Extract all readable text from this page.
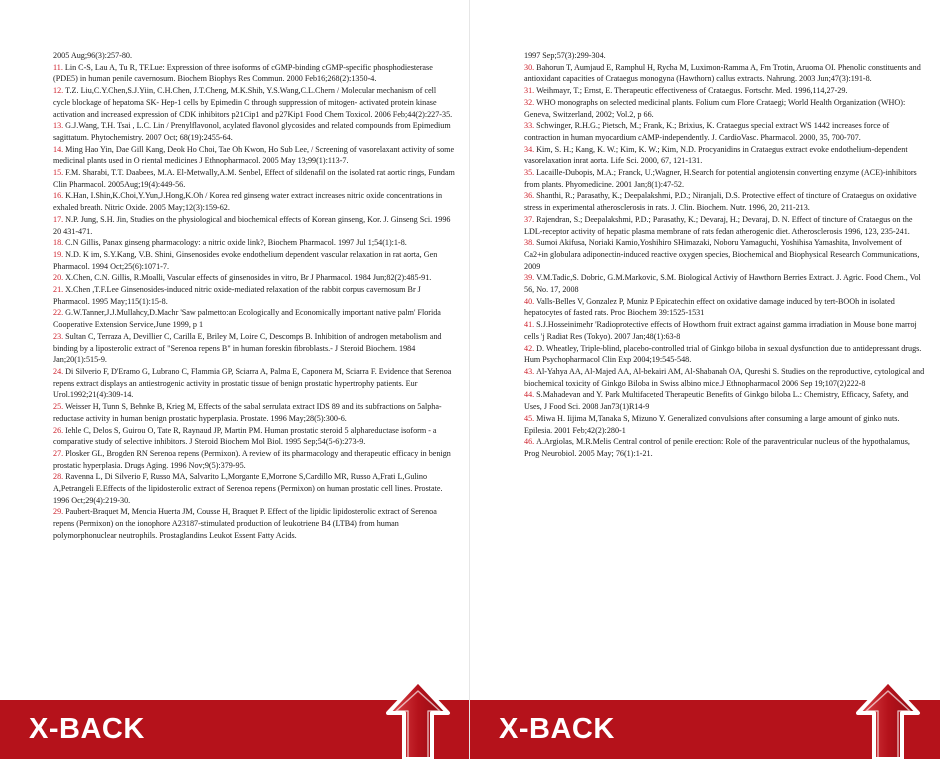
2005 Aug;96(3):257-80.

11. Lin C-S, Lau A, Tu R, TF.Lue: Expression of three isoforms of cGMP-binding cGMP-specific phosphodiesterase (PDE5) in human penile cavernosum. Biochem Biophys Res Commun. 2000 Feb16;268(2):1350-4.

12. T.Z. Liu,C.Y.Chen,S.J.Yiin, C.H.Chen, J.T.Cheng, M.K.Shih, Y.S.Wang,C.L.Chern / Molecular mechanism of cell cycle blockage of hepatoma SK- Hep-1 cells by Epimedin C through suppression of mitogen- activated protein kinase activation and increased expression of CDK inhibitors p21Cip1 and p27Kip1 Food Chem Toxicol. 2006 Feb;44(2):227-35.

13. G.J.Wang, T.H. Tsai , L.C. Lin / Prenylflavonol, acylated flavonol glycosides and related compounds from Epimedium sagittatum. Phytochemistry. 2007 Oct; 68(19):2455-64.

14. Ming Hao Yin, Dae Gill Kang, Deok Ho Choi, Tae Oh Kwon, Ho Sub Lee, / Screening of vasorelaxant activity of some medicinal plants used in O riental medicines J Ethnopharmacol. 2005 May 13;99(1):113-7.

15. F.M. Sharabi, T.T. Daabees, M.A. El-Metwally,A.M. Senbel, Effect of sildenafil on the isolated rat aortic rings, Fundam Clin Pharmacol. 2005Aug;19(4):449-56.

16. K.Han, I.Shin,K.Choi,Y.Yun,J.Hong,K.Oh / Korea red ginseng water extract increases nitric oxide concentrations in exhaled breath. Nitric Oxide. 2005 May;12(3):159-62.

17. N.P. Jung, S.H. Jin, Studies on the physiological and biochemical effects of Korean ginseng, Kor. J. Ginseng Sci. 1996 20 431-471.

18. C.N Gillis, Panax ginseng pharmacology: a nitric oxide link?, Biochem Pharmacol. 1997 Jul 1;54(1):1-8.

19. N.D. K im, S.Y.Kang, V.B. Shini, Ginsenosides evoke endothelium dependent vascular relaxation in rat aorta, Gen Pharmacol. 1994 Oct;25(6):1071-7.

20. X.Chen, C.N. Gillis, R.Moalli, Vascular effects of ginsenosides in vitro, Br J Pharmacol. 1984 Jun;82(2):485-91.

21. X.Chen ,T.F.Lee Ginsenosides-induced nitric oxide-mediated relaxation of the rabbit corpus cavernosum Br J Pharmacol. 1995 May;115(1):15-8.

22. G.W.Tanner,J.J.Mullahcy,D.Machr 'Saw palmetto:an Ecologically and Economically important native palm' Florida Cooperative Extension Service,June 1999, p 1

23. Sultan C, Terraza A, Devillier C, Carilla E, Briley M, Loire C, Descomps B. Inhibition of androgen metabolism and binding by a liposterolic extract of "Serenoa repens B" in human foreskin fibroblasts.- J Steroid Biochem. 1984 Jan;20(1):515-9.

24. Di Silverio F, D'Eramo G, Lubrano C, Flammia GP, Sciarra A, Palma E, Caponera M, Sciarra F. Evidence that Serenoa repens extract displays an antiestrogenic activity in prostatic tissue of benign prostatic hypertrophy patients. Eur Urol.1992;21(4):309-14.

25. Weisser H, Tunn S, Behnke B, Krieg M, Effects of the sabal serrulata extract IDS 89 and its subfractions on 5alpha-reductase activity in human benign prostatic hyperplasia. Prostate. 1996 May;28(5):300-6.

26. Iehle C, Delos S, Guirou O, Tate R, Raynaud JP, Martin PM. Human prostatic steroid 5 alphareductase isoform - a comparative study of selective inhibitors. J Steroid Biochem Mol Biol. 1995 Sep;54(5-6):273-9.

27. Plosker GL, Brogden RN Serenoa repens (Permixon). A review of its pharmacology and therapeutic efficacy in benign prostatic hyperplasia. Drugs Aging. 1996 Nov;9(5):379-95.

28. Ravenna L, Di Silverio F, Russo MA, Salvarito L,Morgante E,Morrone S,Cardillo MR, Russo A,Frati L,Gulino A,Petrangeli E.Effects of the lipidosterolic extract of Serenoa repens (Permixon) on human prostatic cell lines. Prostate. 1996 Oct;29(4):219-30.

29. Paubert-Braquet M, Mencia Huerta JM, Cousse H, Braquet P. Effect of the lipidic lipidosterolic extract of Serenoa repens (Permixon) on the ionophore A23187-stimulated production of leukotriene B4 (LTB4) from human polymorphonuclear neutrophils. Prostaglandins Leukot Essent Fatty Acids.

X-BACK

1997 Sep;57(3):299-304.

30. Bahorun T, Aumjaud E, Ramphul H, Rycha M, Luximon-Ramma A, Fm Trotin, Aruoma OI. Phenolic constituents and antioxidant capacities of Crataegus monogyna (Hawthorn) callus extracts. Nahrung. 2003 Jun;47(3):191-8.

31. Weihmayr, T.; Ernst, E. Therapeutic effectiveness of Crataegus. Fortschr. Med. 1996,114,27-29.

32. WHO monographs on selected medicinal plants. Folium cum Flore Crataegi; World Health Organization (WHO): Geneva, Switzerland, 2002; Vol.2, p 66.

33. Schwinger, R.H.G.; Pietsch, M.; Frank, K.; Brixius, K. Crataegus special extract WS 1442 increases force of contraction in human myocardium cAMP-independently. J. CardioVasc. Pharmacol. 2000, 35, 700-707.

34. Kim, S. H.; Kang, K. W.; Kim, K. W.; Kim, N.D. Procyanidins in Crataegus extract evoke endothelium-dependent vasorelaxation inrat aorta. Life Sci. 2000, 67, 121-131.

35. Lacaille-Dubopis, M.A.; Franck, U.;Wagner, H.Search for potential angiotensin converting enzyme (ACE)-inhibitors from plants. Phyomedicine. 2001 Jan;8(1):47-52.

36. Shanthi, R.; Parasathy, K.; Deepalakshmi, P.D.; Niranjali, D.S. Protective effect of tincture of Crataegus on oxidative stress in experimental atherosclerosis in rats. J. Clin. Biochem. Nutr. 1996, 20, 211-213.

37. Rajendran, S.; Deepalakshmi, P.D.; Parasathy, K.; Devaraj, H.; Devaraj, D. N. Effect of tincture of Crataegus on the LDL-receptor activity of hepatic plasma membrane of rats fedan atherogenic diet. Atherosclerosis 1996, 123, 235-241.

38. Sumoi Akifusa, Noriaki Kamio,Yoshihiro SHimazaki, Noboru Yamaguchi, Yoshihisa Yamashita, Involvement of Ca2+in globulara adiponectin-induced reactive oxygen species, Biochemical and Biophysical Research Communications, 2009

39. V.M.Tadic,S. Dobric, G.M.Markovic, S.M. Biological Activiy of Hawthorn Berries Extract. J. Agric. Food Chem., Vol 56, No. 17, 2008

40. Valls-Belles V, Gonzalez P, Muniz P Epicatechin effect on oxidative damage induced by tert-BOOh in isolated hepatocytes of fasted rats. Proc Biochem 39:1525-1531

41. S.J.Hosseinimehr 'Radioprotective effects of Howthorn fruit extract against gamma irradiation in Mouse bone marroj cells 'j Radiat Res (Tokyo). 2007 Jan;48(1):63-8

42. D. Wheatley, Triple-blind, placebo-controlled trial of Ginkgo biloba in sexual dysfunction due to antidepressant drugs. Hum Psychopharmacol Clin Exp 2004;19:545-548.

43. Al-Yahya AA, Al-Majed AA, Al-bekairi AM, Al-Shabanah OA, Qureshi S. Studies on the reproductive, cytological and biochemical toxicity of Ginkgo Biloba in Swiss albino mice.J Ethnopharmacol 2006 Sep 19;107(2)222-8

44. S.Mahadevan and Y. Park Multifaceted Therapeutic Benefits of Ginkgo biloba L.: Chemistry, Efficacy, Safety, and Uses, J Food Sci. 2008 Jan73(1)R14-9

45. Miwa H. Iijima M,Tanaka S, Mizuno Y. Generalized convulsions after consuming a large amount of ginko nuts. Epilesia. 2001 Feb;42(2):280-1

46. A.Argiolas, M.R.Melis Central control of penile erection: Role of the paraventricular nucleus of the hypothalamus, Prog Neurobiol. 2005 May; 76(1):1-21.

X-BACK
